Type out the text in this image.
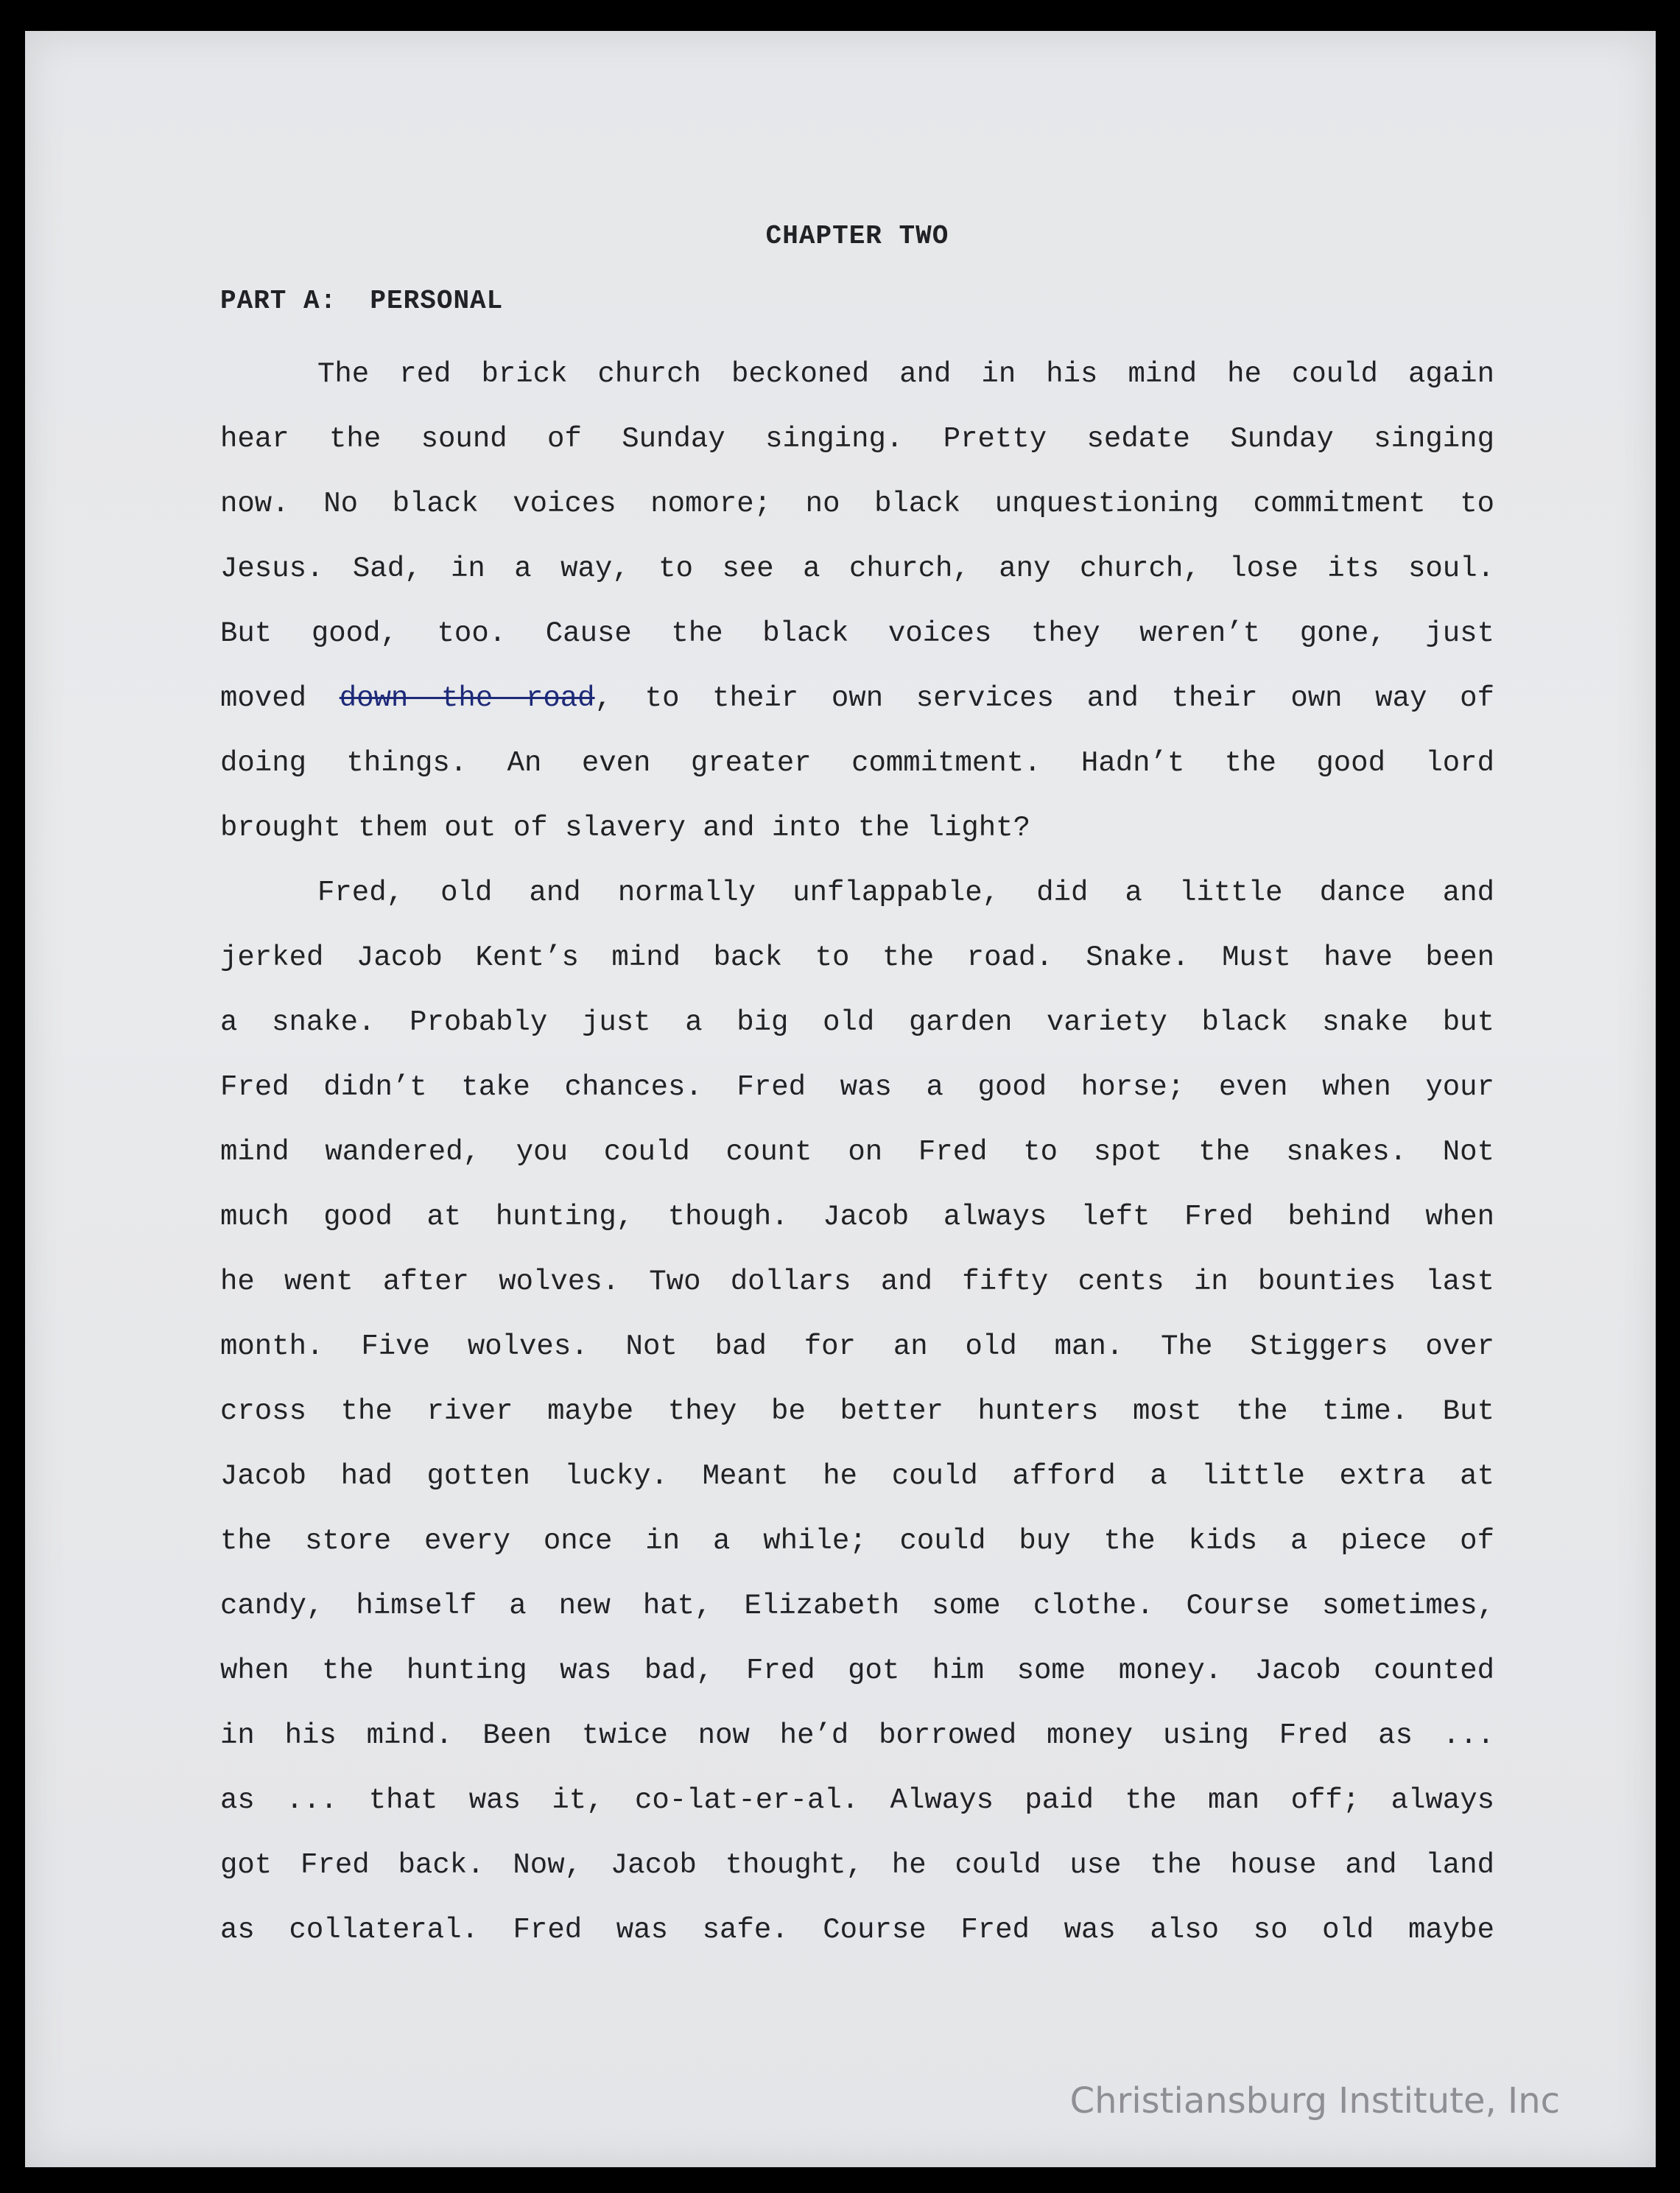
CHAPTER TWO

PART A:  PERSONAL

The red brick church beckoned and in his mind he could again

hear the sound of Sunday singing. Pretty sedate Sunday singing

now. No black voices nomore; no black unquestioning commitment to

Jesus. Sad, in a way, to see a church, any church, lose its soul.

But good, too. Cause the black voices they weren’t gone, just

moved down the road, to their own services and their own way of

doing things. An even greater commitment. Hadn’t the good lord

brought them out of slavery and into the light?

Fred, old and normally unflappable, did a little dance and

jerked Jacob Kent’s mind back to the road. Snake. Must have been

a snake. Probably just a big old garden variety black snake but

Fred didn’t take chances. Fred was a good horse; even when your

mind wandered, you could count on Fred to spot the snakes. Not

much good at hunting, though. Jacob always left Fred behind when

he went after wolves. Two dollars and fifty cents in bounties last

month. Five wolves. Not bad for an old man. The Stiggers over

cross the river maybe they be better hunters most the time. But

Jacob had gotten lucky. Meant he could afford a little extra at

the store every once in a while; could buy the kids a piece of

candy, himself a new hat, Elizabeth some clothe. Course sometimes,

when the hunting was bad, Fred got him some money. Jacob counted

in his mind. Been twice now he’d borrowed money using Fred as ...

as ... that was it, co-lat-er-al. Always paid the man off; always

got Fred back. Now, Jacob thought, he could use the house and land

as collateral. Fred was safe. Course Fred was also so old maybe

Christiansburg Institute, Inc
